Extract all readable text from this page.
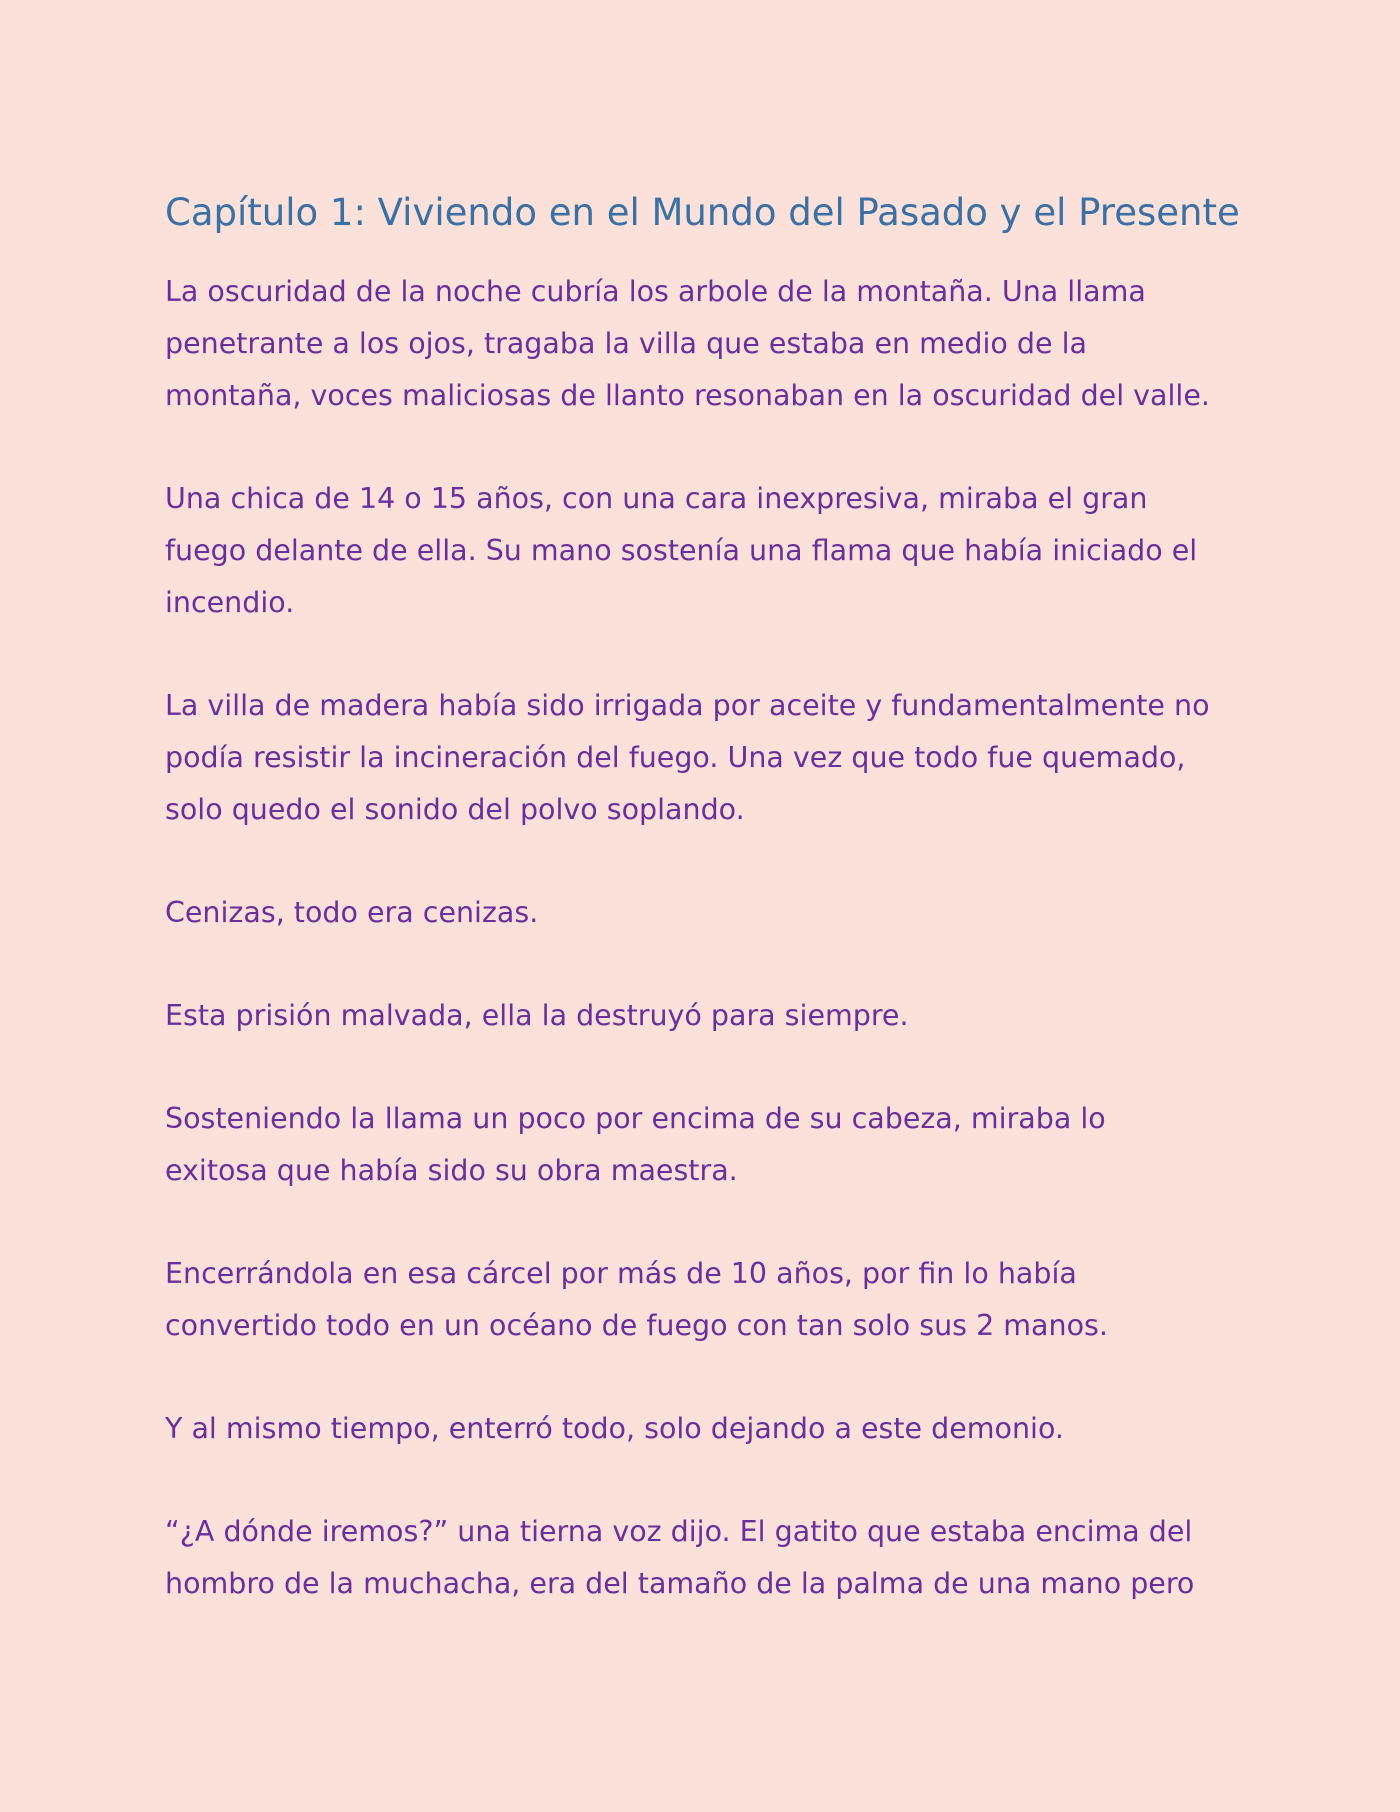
Capítulo 1: Viviendo en el Mundo del Pasado y el Presente

La oscuridad de la noche cubría los arbole de la montaña. Una llama
penetrante a los ojos, tragaba la villa que estaba en medio de la
montaña, voces maliciosas de llanto resonaban en la oscuridad del valle.

Una chica de 14 o 15 años, con una cara inexpresiva, miraba el gran
fuego delante de ella. Su mano sostenía una flama que había iniciado el
incendio.

La villa de madera había sido irrigada por aceite y fundamentalmente no
podía resistir la incineración del fuego. Una vez que todo fue quemado,
solo quedo el sonido del polvo soplando.

Cenizas, todo era cenizas.

Esta prisión malvada, ella la destruyó para siempre.

Sosteniendo la llama un poco por encima de su cabeza, miraba lo
exitosa que había sido su obra maestra.

Encerrándola en esa cárcel por más de 10 años, por fin lo había
convertido todo en un océano de fuego con tan solo sus 2 manos.

Y al mismo tiempo, enterró todo, solo dejando a este demonio.

“¿A dónde iremos?” una tierna voz dijo. El gatito que estaba encima del
hombro de la muchacha, era del tamaño de la palma de una mano pero
